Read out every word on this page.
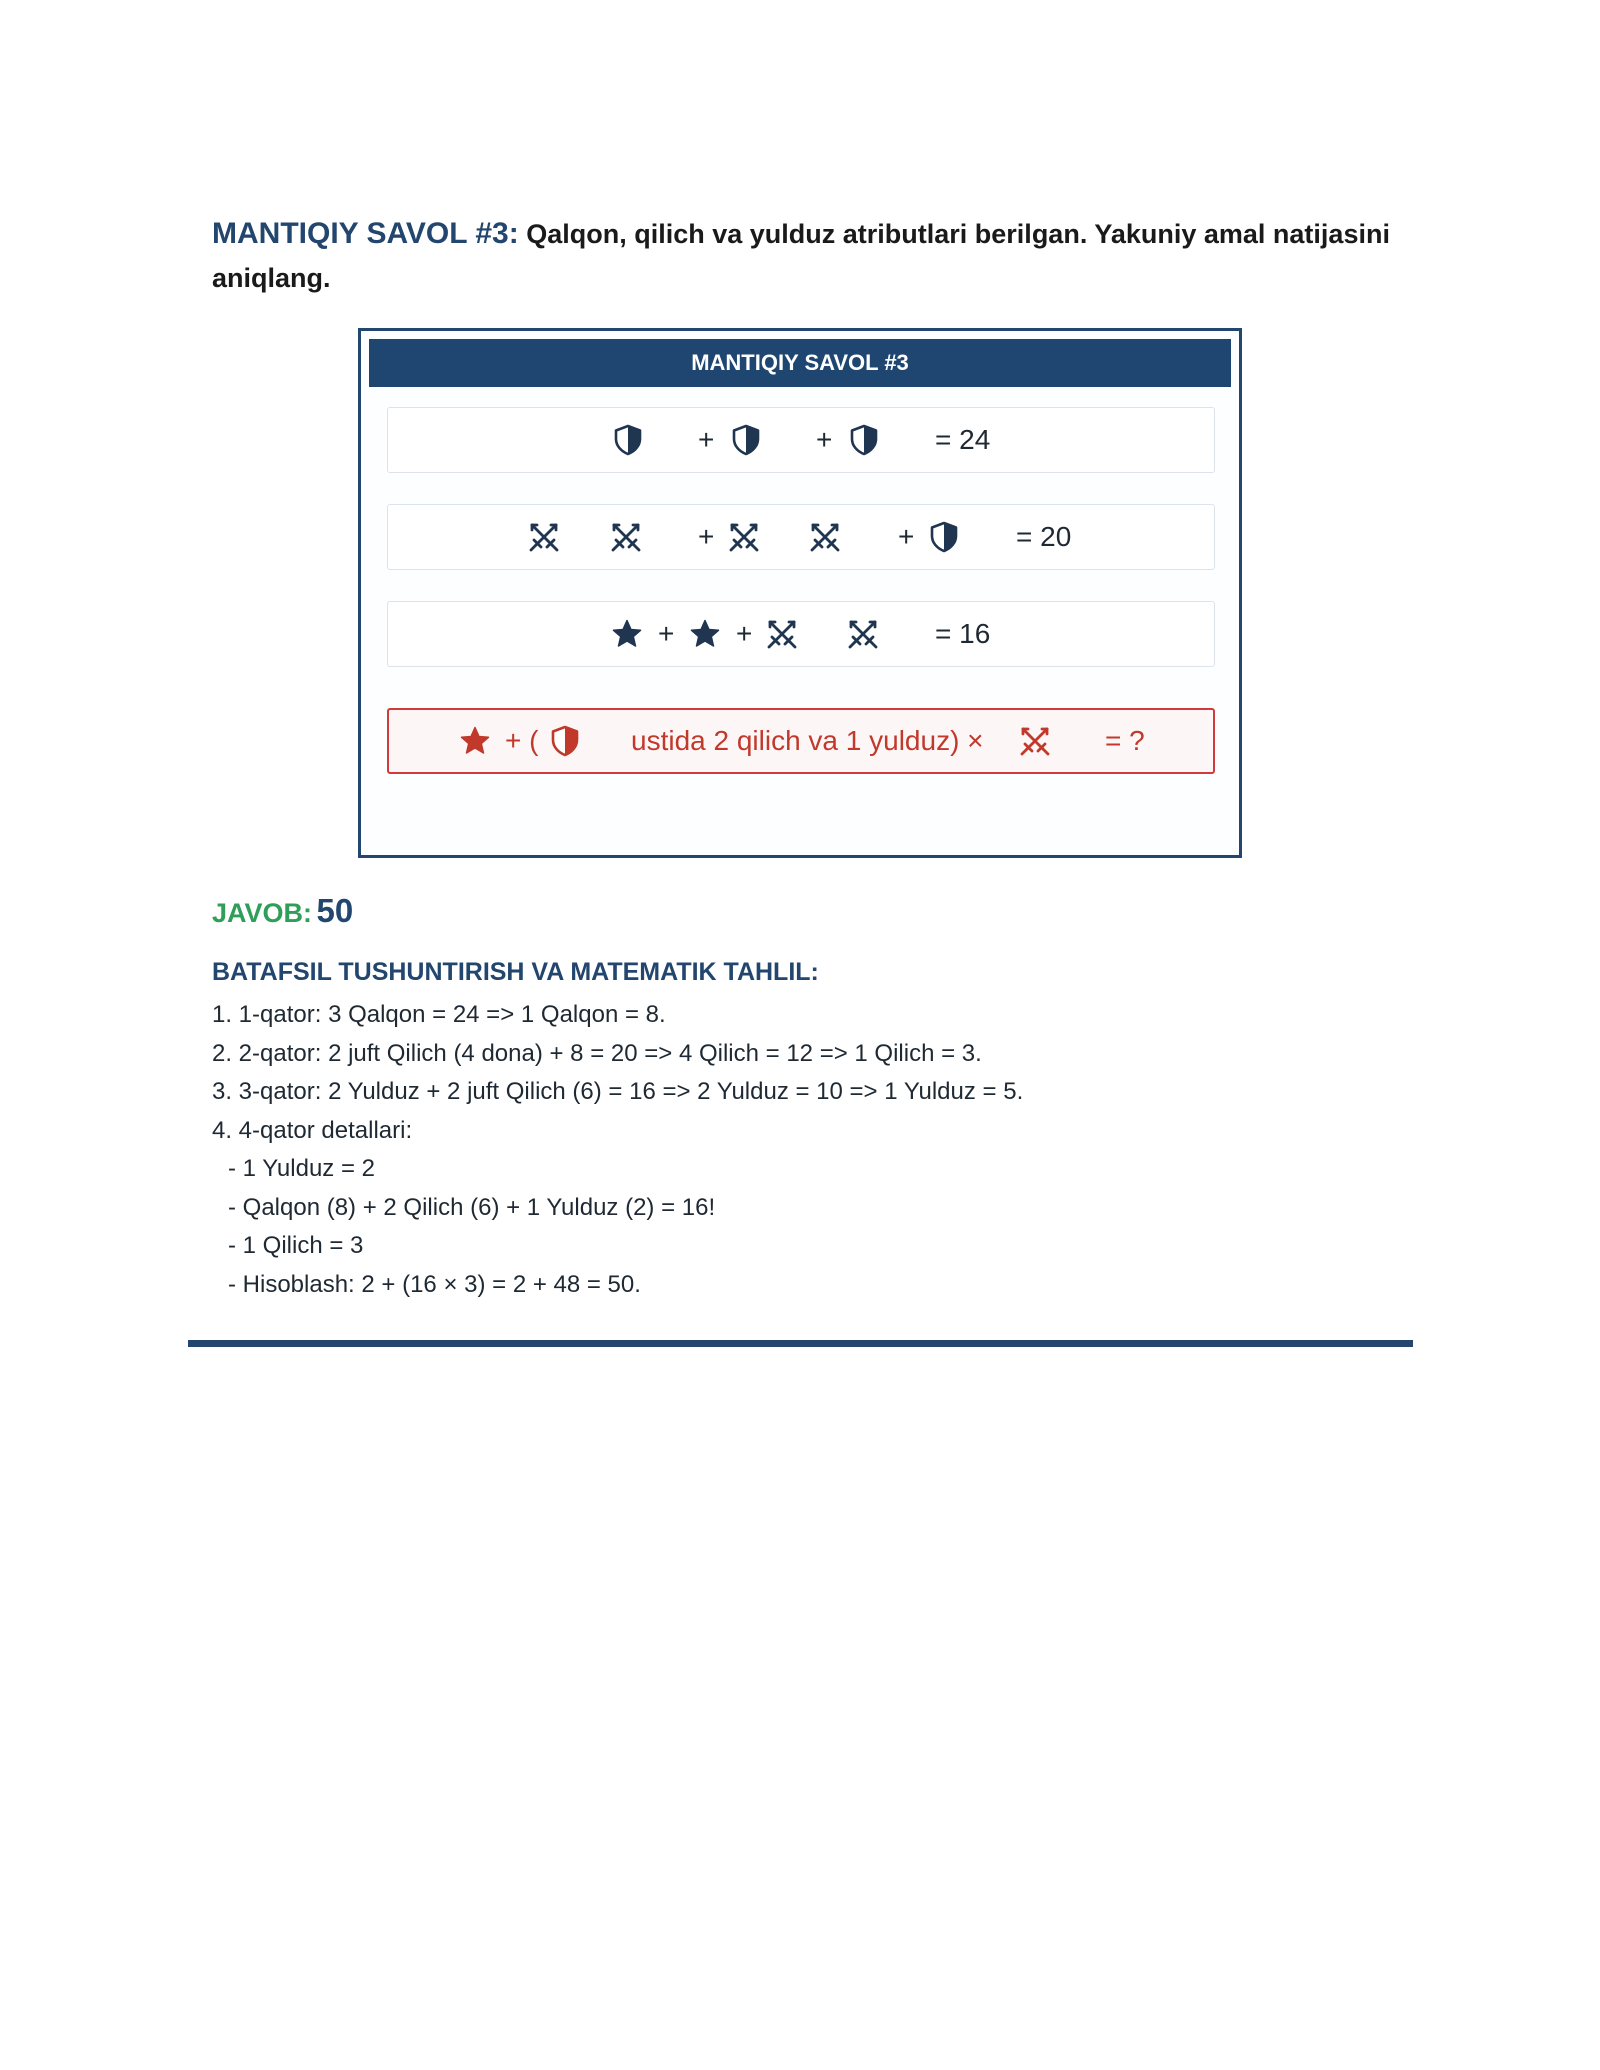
MANTIQIY SAVOL #3: Qalqon, qilich va yulduz atributlari berilgan. Yakuniy amal natijasini aniqlang.
MANTIQIY SAVOL #3
+	+	= 24
+	+	= 20
+ +	= 16
+ (	ustida 2 qilich va 1 yulduz) ×	= ?
JAVOB: 50
BATAFSIL TUSHUNTIRISH VA MATEMATIK TAHLIL:
1. 1-qator: 3 Qalqon = 24 => 1 Qalqon = 8.
2. 2-qator: 2 juft Qilich (4 dona) + 8 = 20 => 4 Qilich = 12 => 1 Qilich = 3.
3. 3-qator: 2 Yulduz + 2 juft Qilich (6) = 16 => 2 Yulduz = 10 => 1 Yulduz = 5.
4. 4-qator detallari:
- 1 Yulduz = 2
- Qalqon (8) + 2 Qilich (6) + 1 Yulduz (2) = 16!
- 1 Qilich = 3
- Hisoblash: 2 + (16 × 3) = 2 + 48 = 50.
